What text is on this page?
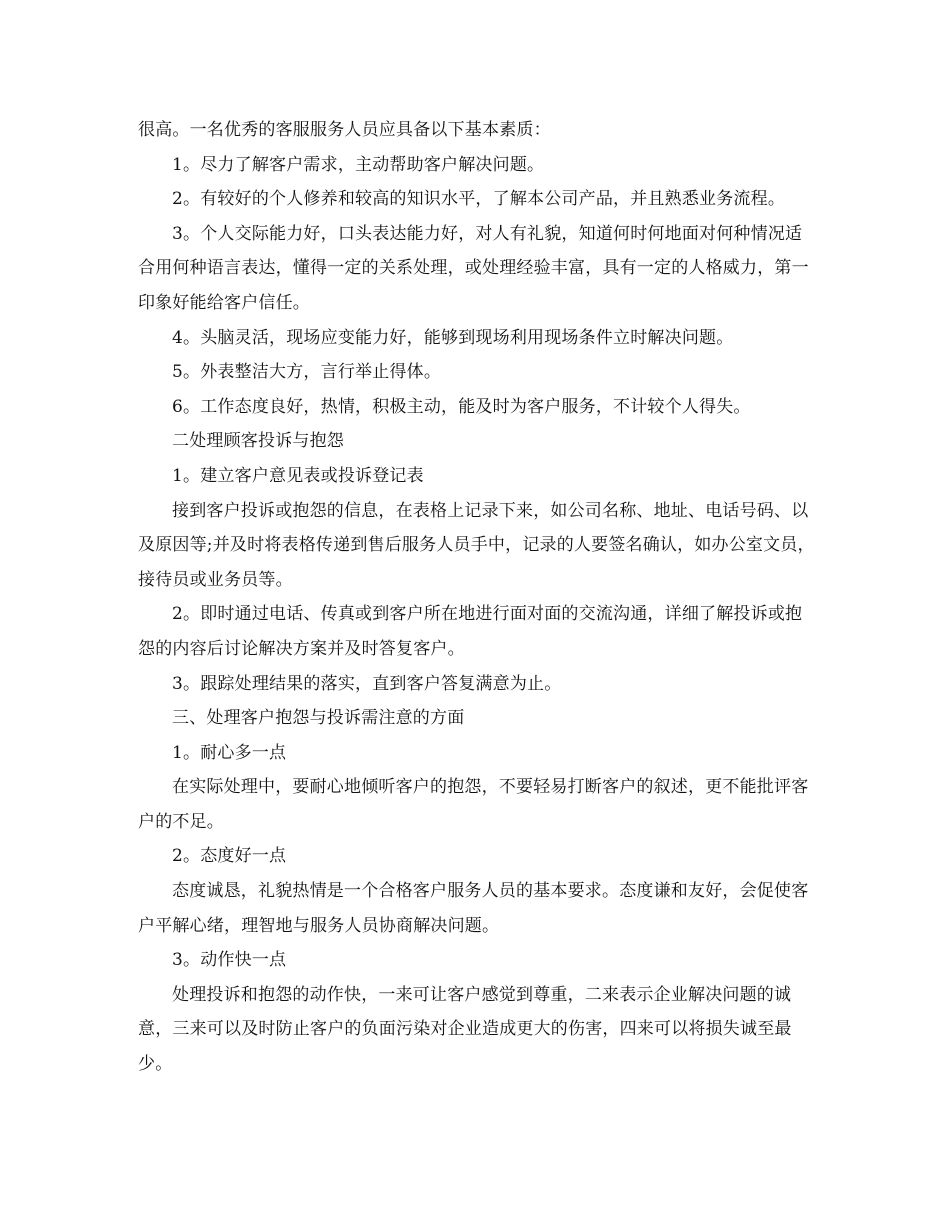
很高。一名优秀的客服服务人员应具备以下基本素质：

1。尽力了解客户需求，主动帮助客户解决问题。

2。有较好的个人修养和较高的知识水平，了解本公司产品，并且熟悉业务流程。

3。个人交际能力好，口头表达能力好，对人有礼貌，知道何时何地面对何种情况适合用何种语言表达，懂得一定的关系处理，或处理经验丰富，具有一定的人格威力，第一印象好能给客户信任。

4。头脑灵活，现场应变能力好，能够到现场利用现场条件立时解决问题。

5。外表整洁大方，言行举止得体。

6。工作态度良好，热情，积极主动，能及时为客户服务，不计较个人得失。

二处理顾客投诉与抱怨

1。建立客户意见表或投诉登记表

接到客户投诉或抱怨的信息，在表格上记录下来，如公司名称、地址、电话号码、以及原因等;并及时将表格传递到售后服务人员手中，记录的人要签名确认，如办公室文员，接待员或业务员等。

2。即时通过电话、传真或到客户所在地进行面对面的交流沟通，详细了解投诉或抱怨的内容后讨论解决方案并及时答复客户。

3。跟踪处理结果的落实，直到客户答复满意为止。

三、处理客户抱怨与投诉需注意的方面

1。耐心多一点

在实际处理中，要耐心地倾听客户的抱怨，不要轻易打断客户的叙述，更不能批评客户的不足。

2。态度好一点

态度诚恳，礼貌热情是一个合格客户服务人员的基本要求。态度谦和友好，会促使客户平解心绪，理智地与服务人员协商解决问题。

3。动作快一点

处理投诉和抱怨的动作快，一来可让客户感觉到尊重，二来表示企业解决问题的诚意，三来可以及时防止客户的负面污染对企业造成更大的伤害，四来可以将损失诚至最少。
